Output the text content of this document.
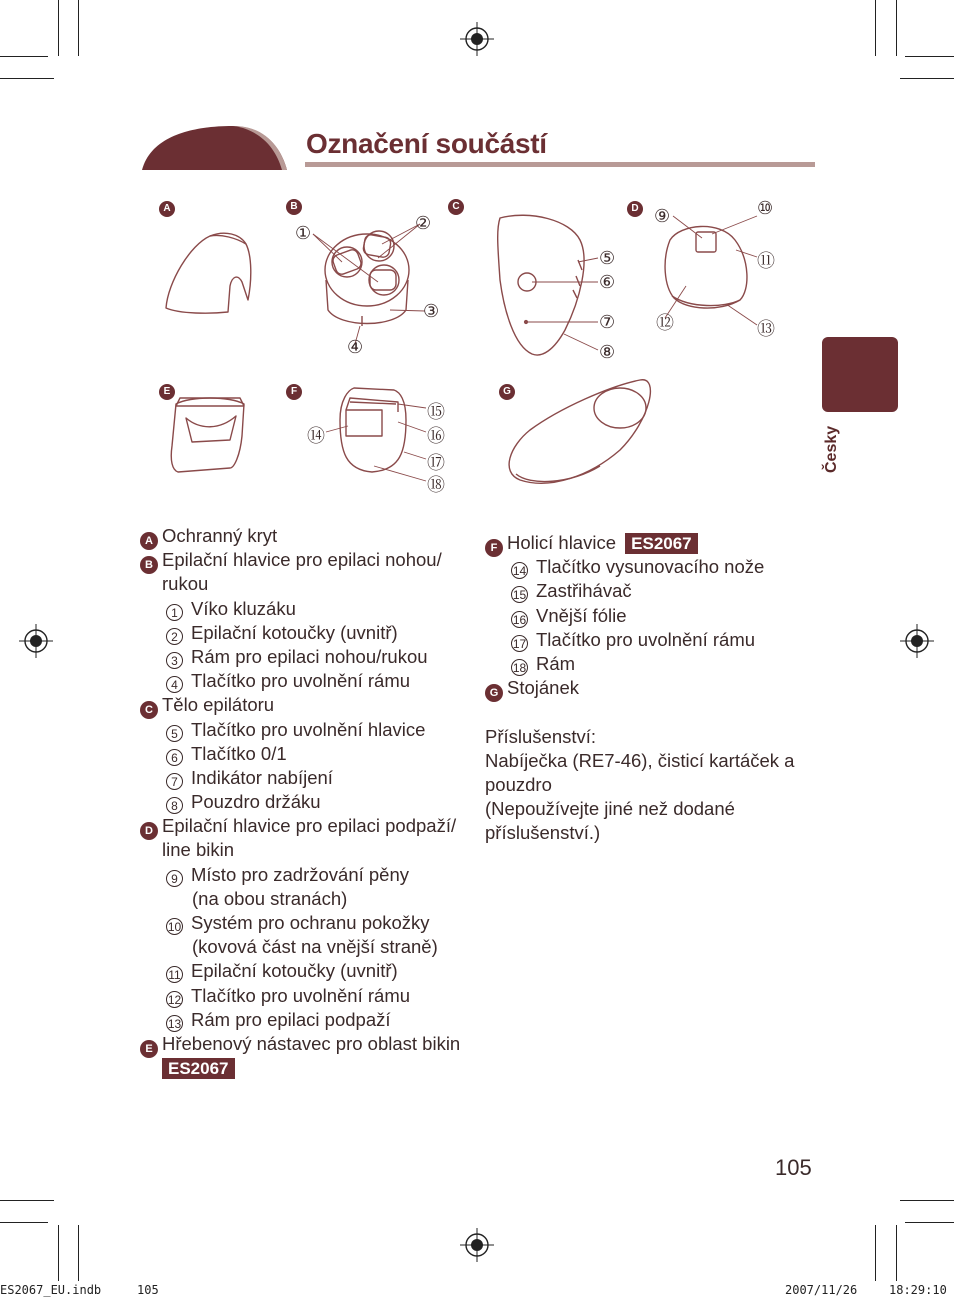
Označení součástí
Česky
A	B	C	D
E	F	G
①	②
③
④
⑤
⑥
⑦
⑧
⑨	⑩
⑪
⑫	⑬
⑭
⑮
⑯
⑰
⑱
A Ochranný kryt
B Epilační hlavice pro epilaci nohou/
rukou
1 Víko kluzáku
2 Epilační kotoučky (uvnitř)
3 Rám pro epilaci nohou/rukou
4 Tlačítko pro uvolnění rámu
C Tělo epilátoru
5 Tlačítko pro uvolnění hlavice
6 Tlačítko 0/1
7 Indikátor nabíjení
8 Pouzdro držáku
D Epilační hlavice pro epilaci podpaží/
line bikin
9 Místo pro zadržování pěny
(na obou stranách)
10 Systém pro ochranu pokožky
(kovová část na vnější straně)
11 Epilační kotoučky (uvnitř)
12 Tlačítko pro uvolnění rámu
13 Rám pro epilaci podpaží
E Hřebenový nástavec pro oblast bikin
ES2067
F Holicí hlavice ES2067
14 Tlačítko vysunovacího nože
15 Zastřihávač
16 Vnější fólie
17 Tlačítko pro uvolnění rámu
18 Rám
G Stojánek
Příslušenství:
Nabíječka (RE7-46), čisticí kartáček a
pouzdro
(Nepoužívejte jiné než dodané
příslušenství.)
105
ES2067_EU.indb	105	2007/11/26	18:29:10
